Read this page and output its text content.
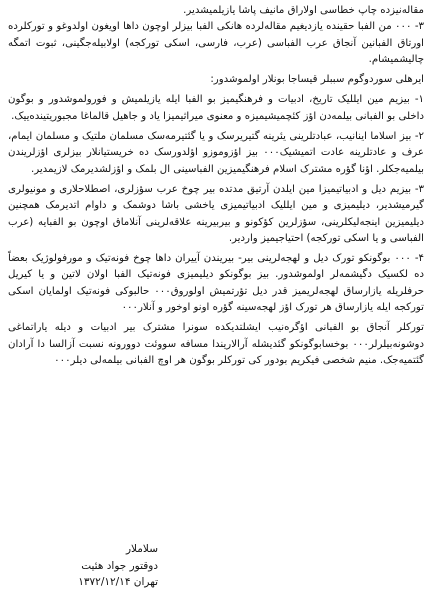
مقاله‌نیزده چاپ خطاسی اولاراق مانیف پاشا یازیلمیشدیر.

۳- ۰۰۰ من الفبا حقینده یازدیغیم مقاله‌لرده هانکی الفبا بیزلر اوچون داها اویغون اولدوغو و تورکلرده اورتاق الفبانین آنجاق عرب الفباسی (عرب، فارسی، اسکی تورکجه) اولابیله‌جگینی، ثبوت اتمگه چالیشمیشام.

ایرهلی سوردوگوم سببلر قیساجا بونلار اولموشدور:

۱- بیزیم مین ایللیک تاریخ، ادبیات و فرهنگیمیز بو الفبا ایله یازیلمیش و فورولموشدور و بوگون داخلی بو الفبانی بیلمه‌دن اؤز کئچمیشیمیزه و معنوی میراثیمیزا یاد و جاهیل قالماغا مجبوریتینده‌ییک.

۲- بیز اسلاما اینانیب، عبادتلرینی یئرینه گتیریرسک و یا گئتیرمه‌سک مسلمان ملتیک و مسلمان ایمام، عرف و عادتلرینه عادت اتمیشیک۰۰۰ بیز اؤزوموزو اؤلدورسک ده خریستیانلار بیزلری اؤزلریندن بیلمیه‌جکلر. اؤنا گؤره مشترک اسلام فرهنگیمیزین الفباسینی ال بلمک و اؤزلشدیرمک لازیمدیر.

۳- بیزیم دیل و ادبیاتیمیزا مین ایلدن آرتیق مدتده بیر چوخ عرب سؤزلری، اصطلاحلاری و مونیولری گیرمیشدیر، دیلیمیزی و مین ایللیک ادبیاتیمیزی یاخشی باشا دوشمک و داوام اتدیرمک همچنین دیلیمیزین اینجه‌لیکلرینی، سؤزلرین کؤکونو و بیربیرینه علاقه‌لرینی آنلاماق اوچون بو الفبایه (عرب الفباسی و یا اسکی تورکجه) احتیاجیمیز واردیر.

۴- ۰۰۰ بوگونکو تورک دیل و لهجه‌لرینی بیر- بیریندن آییران داها چوخ فونه‌تیک و مورفولوژیک بعضاً ده لکسیک دگیشمه‌لر اولموشدور. بیز بوگونکو دیلیمیزی فونه‌تیک الفبا اولان لاتین و یا کیریل حرفلریله یازارساق لهجه‌لریمیز قدر دیل تؤرتمیش اولوروق۰۰۰ حالبوکی فونه‌تیک اولمایان اسکی تورکجه ایله یازارساق هر تورک اؤز لهجه‌سینه گؤره اونو اوخور و آنلار۰۰۰

تورکلر آنجاق بو الفبانی اؤگره‌نیب ایشلتدیکده سونرا مشترک بیر ادبیات و دیله یاراتماغی دوشونه‌بیلرلر۰۰۰ بوخسابوگونکو گئدیشله آرالاریندا مسافه سووئت دوورونه نسبت آزالسا دا آرادان گئتمیه‌جک. منیم شخصی فیکریم بودور کی تورکلر بوگون هر اوچ الفبانی بیلمه‌لی دیلر۰۰۰

سلاملار
دوقتور جواد هئیت
تهران ۱۳۷۲/۱۲/۱۴
